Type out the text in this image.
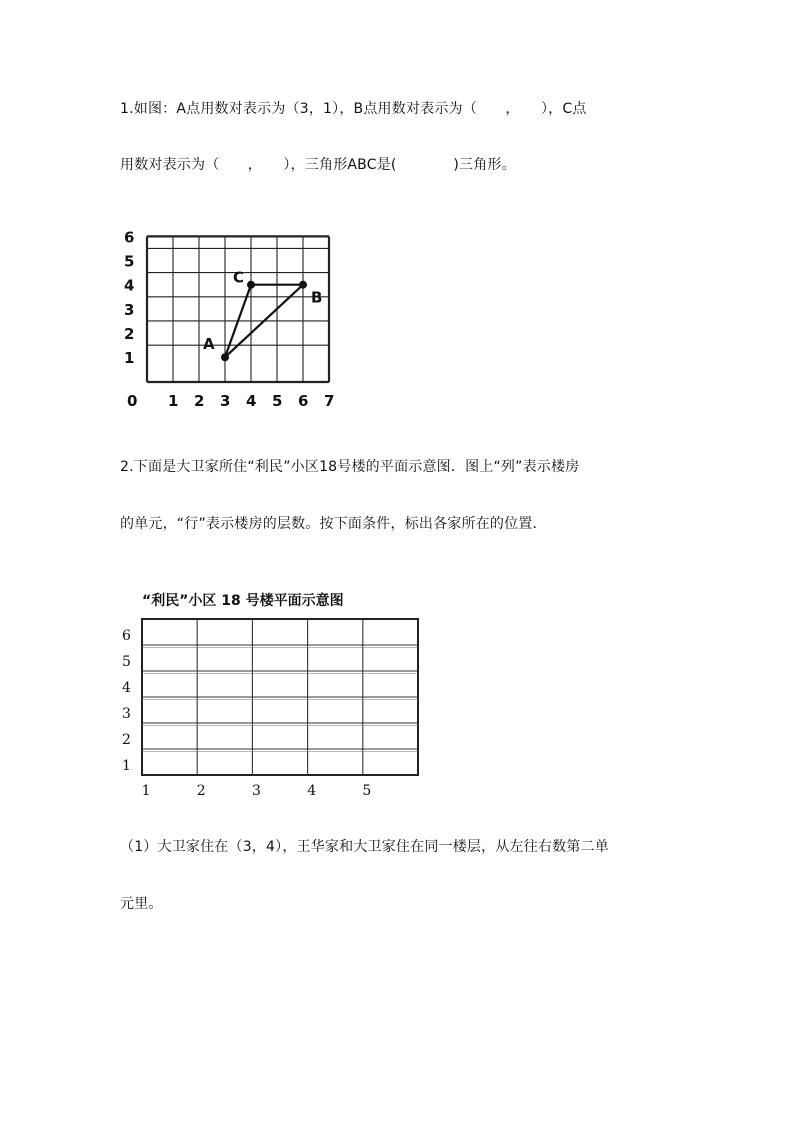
1.如图：A点用数对表示为（3，1），B点用数对表示为（　　，　　），C点
用数对表示为（　　，　　），三角形ABC是(　　　　)三角形。
A
B
C
0 1 2 3 4 5 6 7
1
2
3
4
5
6
2.下面是大卫家所住“利民”小区18号楼的平面示意图．图上“列”表示楼房
的单元，“行”表示楼房的层数。按下面条件，标出各家所在的位置．
“利民”小区 18 号楼平面示意图
1	2	3	4	5
1
2
3
4
5
6
（1）大卫家住在（3，4），王华家和大卫家住在同一楼层，从左往右数第二单
元里。
